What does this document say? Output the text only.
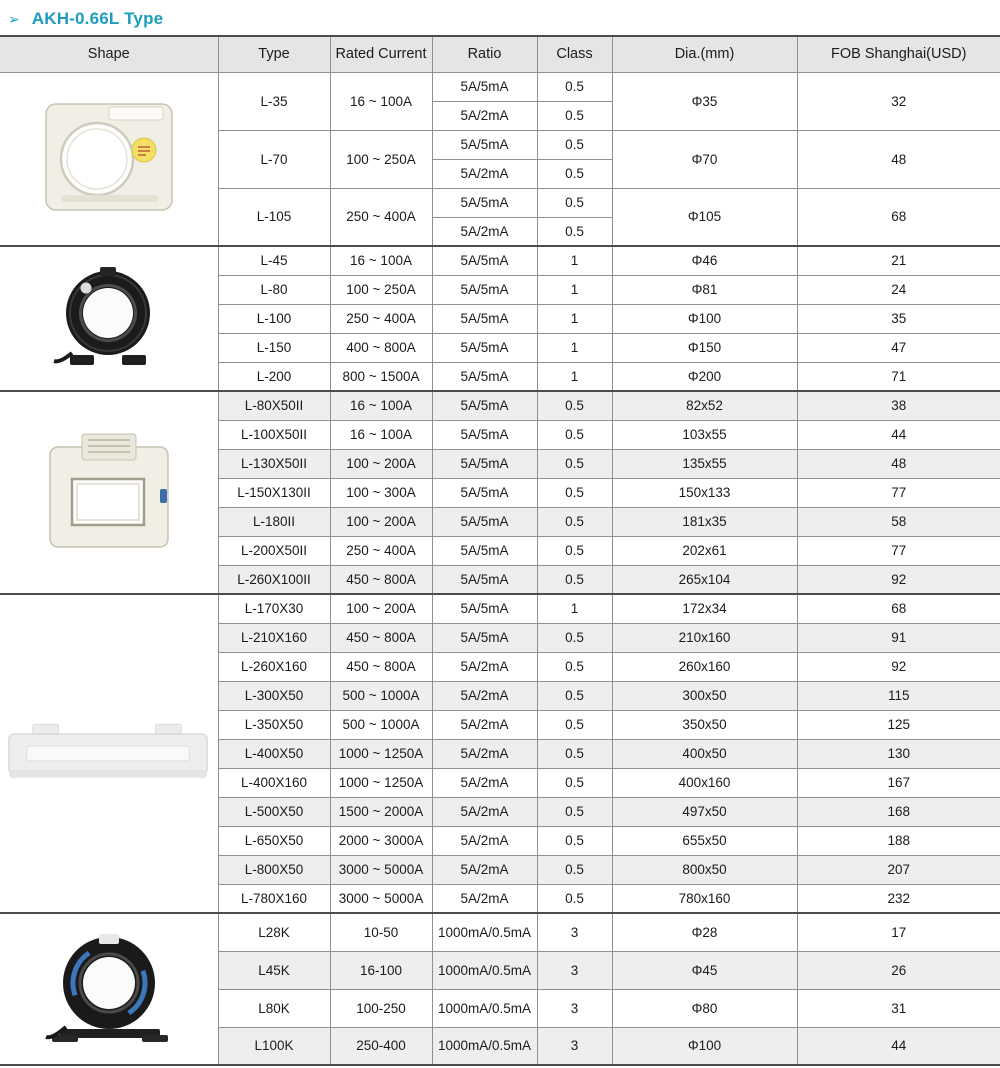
➢ AKH-0.66L Type
Shape	Type	Rated Current	Ratio	Class	Dia.(mm)	FOB Shanghai(USD)
	L-35	16 ~ 100A	5A/5mA	0.5	Φ35	32
			5A/2mA	0.5		
	L-70	100 ~ 250A	5A/5mA	0.5	Φ70	48
			5A/2mA	0.5		
	L-105	250 ~ 400A	5A/5mA	0.5	Φ105	68
			5A/2mA	0.5		
	L-45	16 ~ 100A	5A/5mA	1	Φ46	21
	L-80	100 ~ 250A	5A/5mA	1	Φ81	24
	L-100	250 ~ 400A	5A/5mA	1	Φ100	35
	L-150	400 ~ 800A	5A/5mA	1	Φ150	47
	L-200	800 ~ 1500A	5A/5mA	1	Φ200	71
	L-80X50II	16 ~ 100A	5A/5mA	0.5	82x52	38
	L-100X50II	16 ~ 100A	5A/5mA	0.5	103x55	44
	L-130X50II	100 ~ 200A	5A/5mA	0.5	135x55	48
	L-150X130II	100 ~ 300A	5A/5mA	0.5	150x133	77
	L-180II	100 ~ 200A	5A/5mA	0.5	181x35	58
	L-200X50II	250 ~ 400A	5A/5mA	0.5	202x61	77
	L-260X100II	450 ~ 800A	5A/5mA	0.5	265x104	92
	L-170X30	100 ~ 200A	5A/5mA	1	172x34	68
	L-210X160	450 ~ 800A	5A/5mA	0.5	210x160	91
	L-260X160	450 ~ 800A	5A/2mA	0.5	260x160	92
	L-300X50	500 ~ 1000A	5A/2mA	0.5	300x50	115
	L-350X50	500 ~ 1000A	5A/2mA	0.5	350x50	125
	L-400X50	1000 ~ 1250A	5A/2mA	0.5	400x50	130
	L-400X160	1000 ~ 1250A	5A/2mA	0.5	400x160	167
	L-500X50	1500 ~ 2000A	5A/2mA	0.5	497x50	168
	L-650X50	2000 ~ 3000A	5A/2mA	0.5	655x50	188
	L-800X50	3000 ~ 5000A	5A/2mA	0.5	800x50	207
	L-780X160	3000 ~ 5000A	5A/2mA	0.5	780x160	232
	L28K	10-50	1000mA/0.5mA	3	Φ28	17
	L45K	16-100	1000mA/0.5mA	3	Φ45	26
	L80K	100-250	1000mA/0.5mA	3	Φ80	31
	L100K	250-400	1000mA/0.5mA	3	Φ100	44
